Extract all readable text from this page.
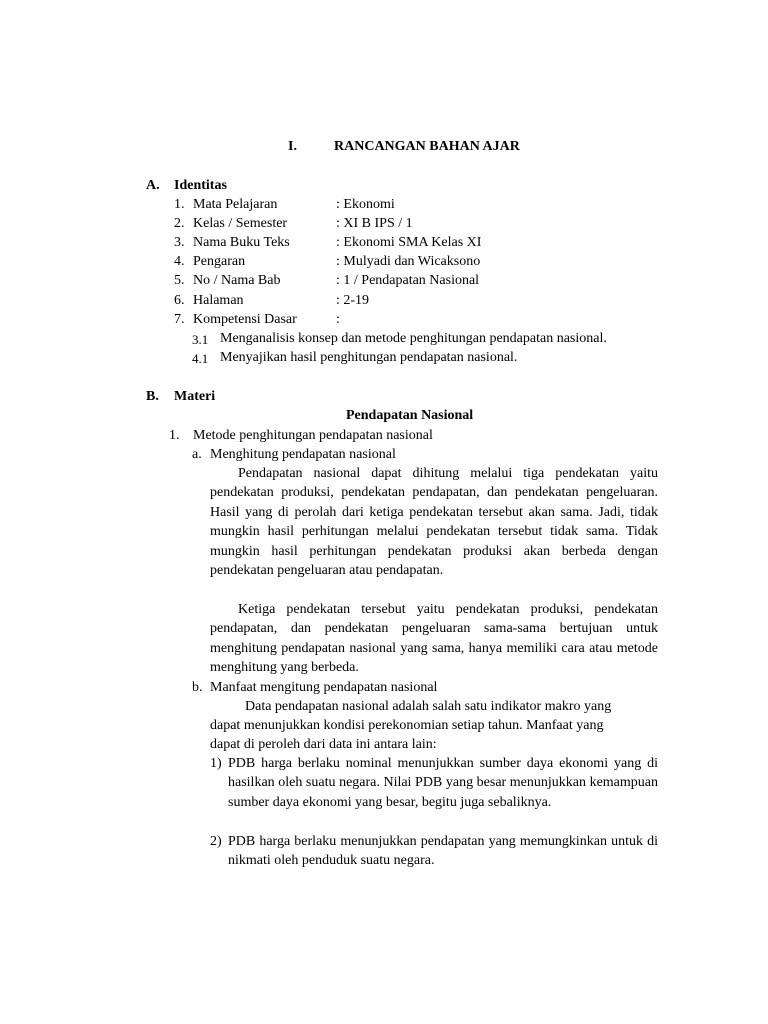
I.	RANCANGAN BAHAN AJAR
A. Identitas
1. Mata Pelajaran	: Ekonomi
2. Kelas / Semester	: XI B IPS / 1
3. Nama Buku Teks	: Ekonomi SMA Kelas XI
4. Pengaran	: Mulyadi dan Wicaksono
5. No / Nama Bab	: 1 / Pendapatan Nasional
6. Halaman	: 2-19
7. Kompetensi Dasar	:
3.1 Menganalisis konsep dan metode penghitungan pendapatan nasional.
4.1 Menyajikan hasil penghitungan pendapatan nasional.
B. Materi
Pendapatan Nasional
1. Metode penghitungan pendapatan nasional
a. Menghitung pendapatan nasional
Pendapatan nasional dapat dihitung melalui tiga pendekatan yaitu pendekatan produksi, pendekatan pendapatan, dan pendekatan pengeluaran. Hasil yang di perolah dari ketiga pendekatan tersebut akan sama. Jadi, tidak mungkin hasil perhitungan melalui pendekatan tersebut tidak sama. Tidak mungkin hasil perhitungan pendekatan produksi akan berbeda dengan pendekatan pengeluaran atau pendapatan.
Ketiga pendekatan tersebut yaitu pendekatan produksi, pendekatan pendapatan, dan pendekatan pengeluaran sama-sama bertujuan untuk menghitung pendapatan nasional yang sama, hanya memiliki cara atau metode menghitung yang berbeda.
b. Manfaat mengitung pendapatan nasional
Data pendapatan nasional adalah salah satu indikator makro yang
dapat menunjukkan kondisi perekonomian setiap tahun. Manfaat yang
dapat di peroleh dari data ini antara lain:
1) PDB harga berlaku nominal menunjukkan sumber daya ekonomi yang di hasilkan oleh suatu negara. Nilai PDB yang besar menunjukkan kemampuan sumber daya ekonomi yang besar, begitu juga sebaliknya.
2) PDB harga berlaku menunjukkan pendapatan yang memungkinkan untuk di nikmati oleh penduduk suatu negara.
